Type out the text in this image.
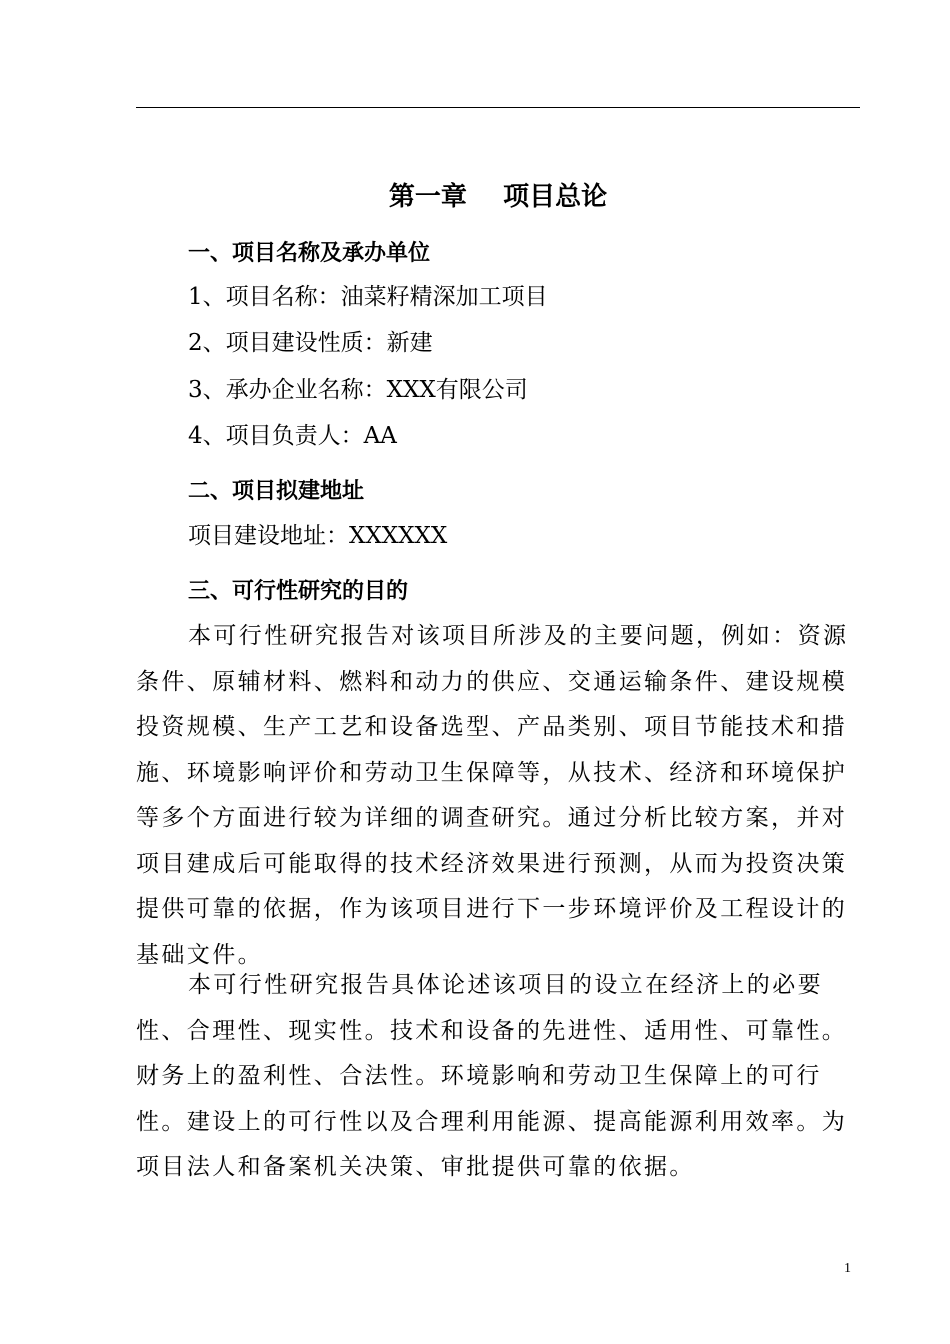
第一章    项目总论
一、项目名称及承办单位
1、项目名称：油菜籽精深加工项目
2、项目建设性质：新建
3、承办企业名称：XXX有限公司
4、项目负责人：AA
二、项目拟建地址
项目建设地址：XXXXXX
三、可行性研究的目的
本可行性研究报告对该项目所涉及的主要问题，例如：资源条件、原辅材料、燃料和动力的供应、交通运输条件、建设规模投资规模、生产工艺和设备选型、产品类别、项目节能技术和措施、环境影响评价和劳动卫生保障等，从技术、经济和环境保护等多个方面进行较为详细的调查研究。通过分析比较方案，并对项目建成后可能取得的技术经济效果进行预测，从而为投资决策提供可靠的依据，作为该项目进行下一步环境评价及工程设计的基础文件。
本可行性研究报告具体论述该项目的设立在经济上的必要性、合理性、现实性。技术和设备的先进性、适用性、可靠性。财务上的盈利性、合法性。环境影响和劳动卫生保障上的可行性。建设上的可行性以及合理利用能源、提高能源利用效率。为项目法人和备案机关决策、审批提供可靠的依据。
1
